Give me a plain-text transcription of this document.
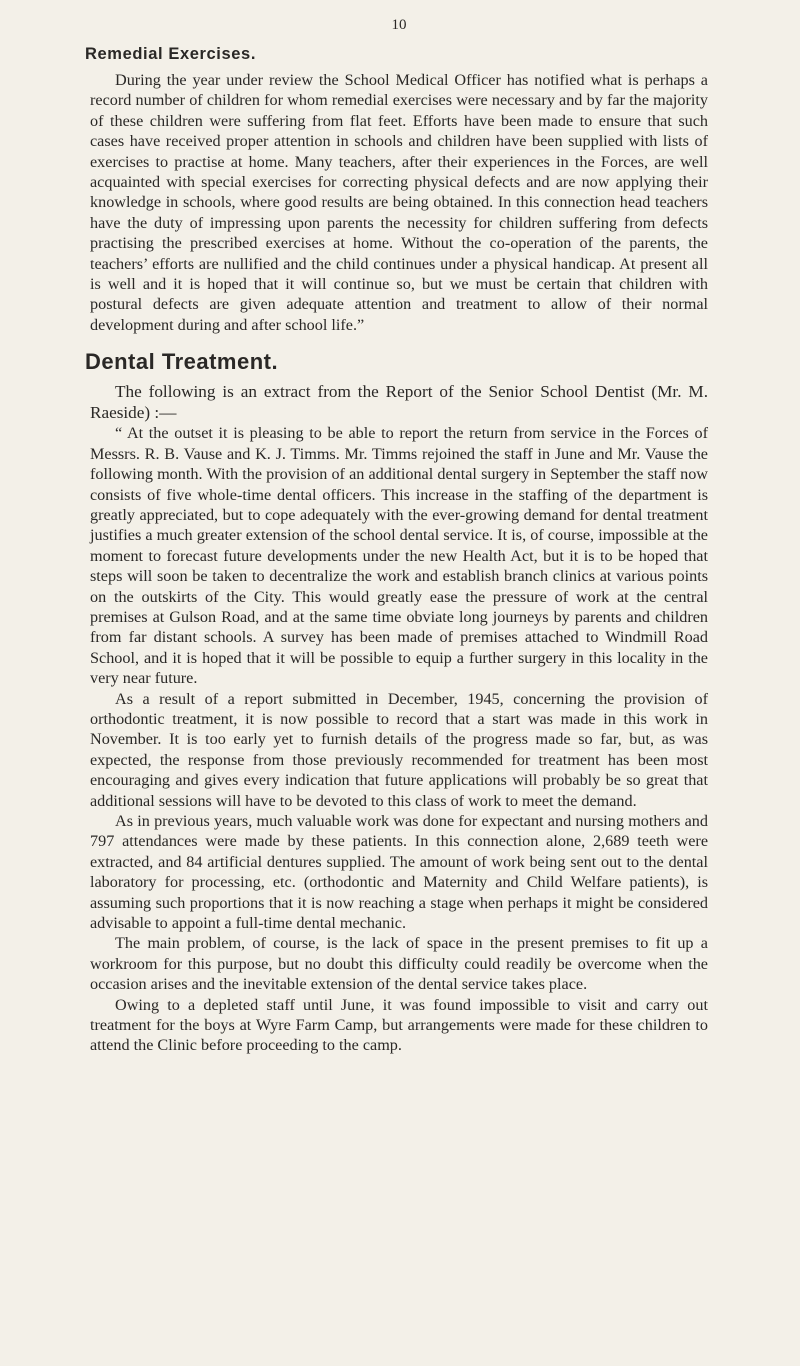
10
Remedial Exercises.

During the year under review the School Medical Officer has notified what is perhaps a record number of children for whom remedial exercises were necessary and by far the majority of these children were suffering from flat feet. Efforts have been made to ensure that such cases have received proper attention in schools and children have been supplied with lists of exercises to practise at home. Many teachers, after their experiences in the Forces, are well acquainted with special exercises for correcting physical defects and are now applying their knowledge in schools, where good results are being obtained. In this connection head teachers have the duty of impressing upon parents the necessity for children suffering from defects practising the prescribed exercises at home. Without the co-operation of the parents, the teachers’ efforts are nullified and the child continues under a physical handicap. At present all is well and it is hoped that it will continue so, but we must be certain that children with postural defects are given adequate attention and treatment to allow of their normal development during and after school life.”

Dental Treatment.

The following is an extract from the Report of the Senior School Dentist (Mr. M. Raeside) :—

“ At the outset it is pleasing to be able to report the return from service in the Forces of Messrs. R. B. Vause and K. J. Timms. Mr. Timms rejoined the staff in June and Mr. Vause the following month. With the provision of an additional dental surgery in September the staff now consists of five whole-time dental officers. This increase in the staffing of the department is greatly appreciated, but to cope adequately with the ever-growing demand for dental treatment justifies a much greater extension of the school dental service. It is, of course, impossible at the moment to forecast future developments under the new Health Act, but it is to be hoped that steps will soon be taken to decentralize the work and establish branch clinics at various points on the outskirts of the City. This would greatly ease the pressure of work at the central premises at Gulson Road, and at the same time obviate long journeys by parents and children from far distant schools. A survey has been made of premises attached to Windmill Road School, and it is hoped that it will be possible to equip a further surgery in this locality in the very near future.

As a result of a report submitted in December, 1945, concerning the provision of orthodontic treatment, it is now possible to record that a start was made in this work in November. It is too early yet to furnish details of the progress made so far, but, as was expected, the response from those previously recommended for treatment has been most encouraging and gives every indication that future applications will probably be so great that additional sessions will have to be devoted to this class of work to meet the demand.

As in previous years, much valuable work was done for expectant and nursing mothers and 797 attendances were made by these patients. In this connection alone, 2,689 teeth were extracted, and 84 artificial dentures supplied. The amount of work being sent out to the dental laboratory for processing, etc. (orthodontic and Maternity and Child Welfare patients), is assuming such proportions that it is now reaching a stage when perhaps it might be considered advisable to appoint a full-time dental mechanic.

The main problem, of course, is the lack of space in the present premises to fit up a workroom for this purpose, but no doubt this difficulty could readily be overcome when the occasion arises and the inevitable extension of the dental service takes place.

Owing to a depleted staff until June, it was found impossible to visit and carry out treatment for the boys at Wyre Farm Camp, but arrangements were made for these children to attend the Clinic before proceeding to the camp.
